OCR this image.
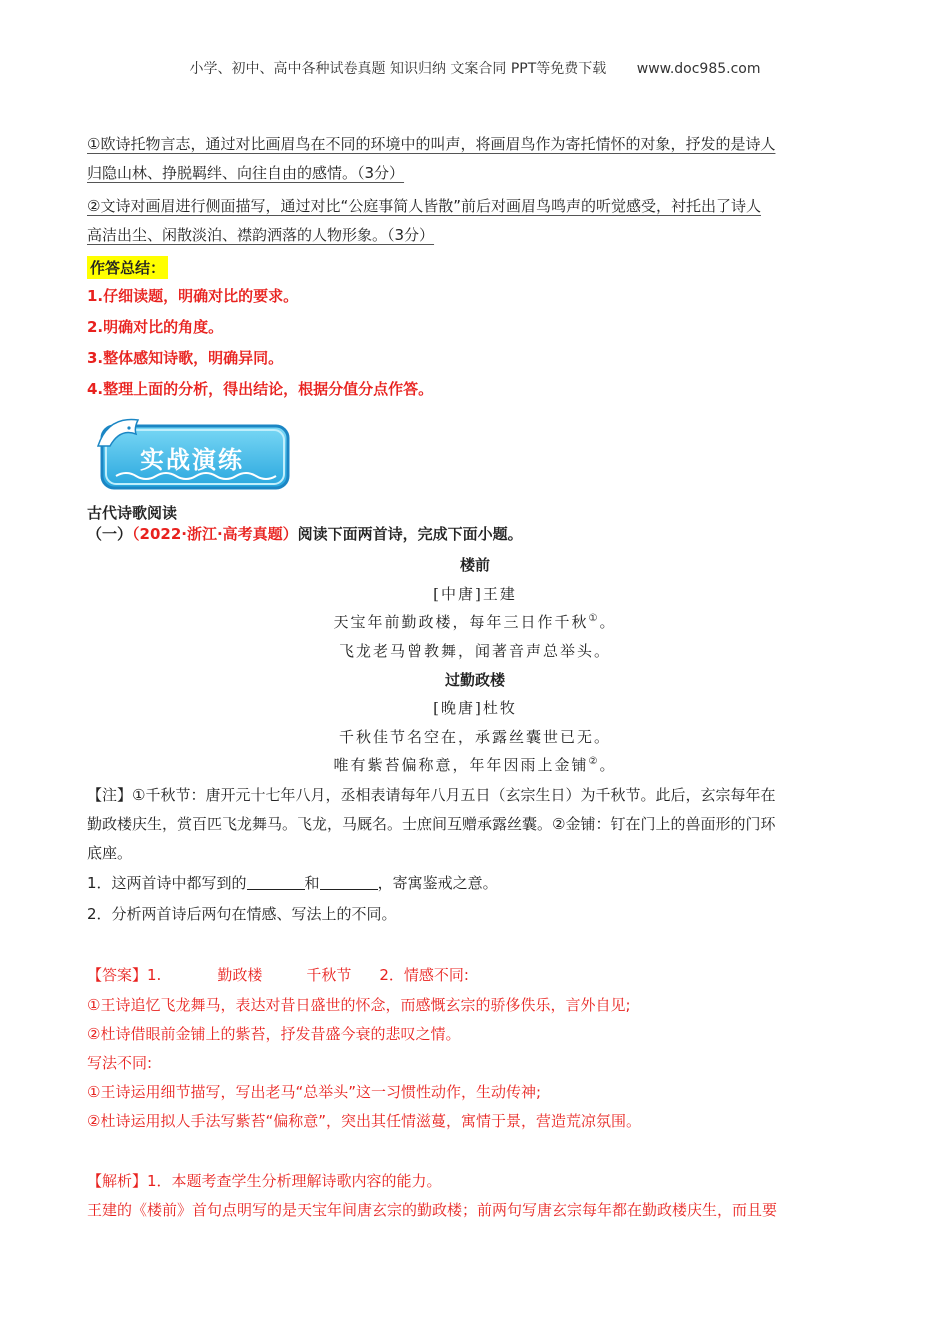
小学、初中、高中各种试卷真题 知识归纳 文案合同 PPT等免费下载 www.doc985.com
①欧诗托物言志，通过对比画眉鸟在不同的环境中的叫声，将画眉鸟作为寄托情怀的对象，抒发的是诗人
归隐山林、挣脱羁绊、向往自由的感情。（3分）
②文诗对画眉进行侧面描写，通过对比“公庭事简人皆散”前后对画眉鸟鸣声的听觉感受，衬托出了诗人
高洁出尘、闲散淡泊、襟韵洒落的人物形象。（3分）
作答总结：
1.仔细读题，明确对比的要求。
2.明确对比的角度。
3.整体感知诗歌，明确异同。
4.整理上面的分析，得出结论，根据分值分点作答。
实战演练
古代诗歌阅读
（一）（2022·浙江·高考真题）阅读下面两首诗，完成下面小题。
楼前
[中唐]王建
天宝年前勤政楼，每年三日作千秋①。
飞龙老马曾教舞，闻著音声总举头。
过勤政楼
[晚唐]杜牧
千秋佳节名空在，承露丝囊世已无。
唯有紫苔偏称意，年年因雨上金铺②。
【注】①千秋节：唐开元十七年八月，丞相表请每年八月五日（玄宗生日）为千秋节。此后，玄宗每年在
勤政楼庆生，赏百匹飞龙舞马。飞龙，马厩名。士庶间互赠承露丝囊。②金铺：钉在门上的兽面形的门环
底座。
1．这两首诗中都写到的	和	，寄寓鉴戒之意。
2．分析两首诗后两句在情感、写法上的不同。
【答案】1.	勤政楼	千秋节 2．情感不同:
①王诗追忆飞龙舞马，表达对昔日盛世的怀念，而感慨玄宗的骄侈佚乐，言外自见;
②杜诗借眼前金铺上的紫苔，抒发昔盛今衰的悲叹之情。
写法不同:
①王诗运用细节描写，写出老马“总举头”这一习惯性动作，生动传神;
②杜诗运用拟人手法写紫苔“偏称意”，突出其任情滋蔓，寓情于景，营造荒凉氛围。
【解析】1．本题考查学生分析理解诗歌内容的能力。
王建的《楼前》首句点明写的是天宝年间唐玄宗的勤政楼；前两句写唐玄宗每年都在勤政楼庆生，而且要
